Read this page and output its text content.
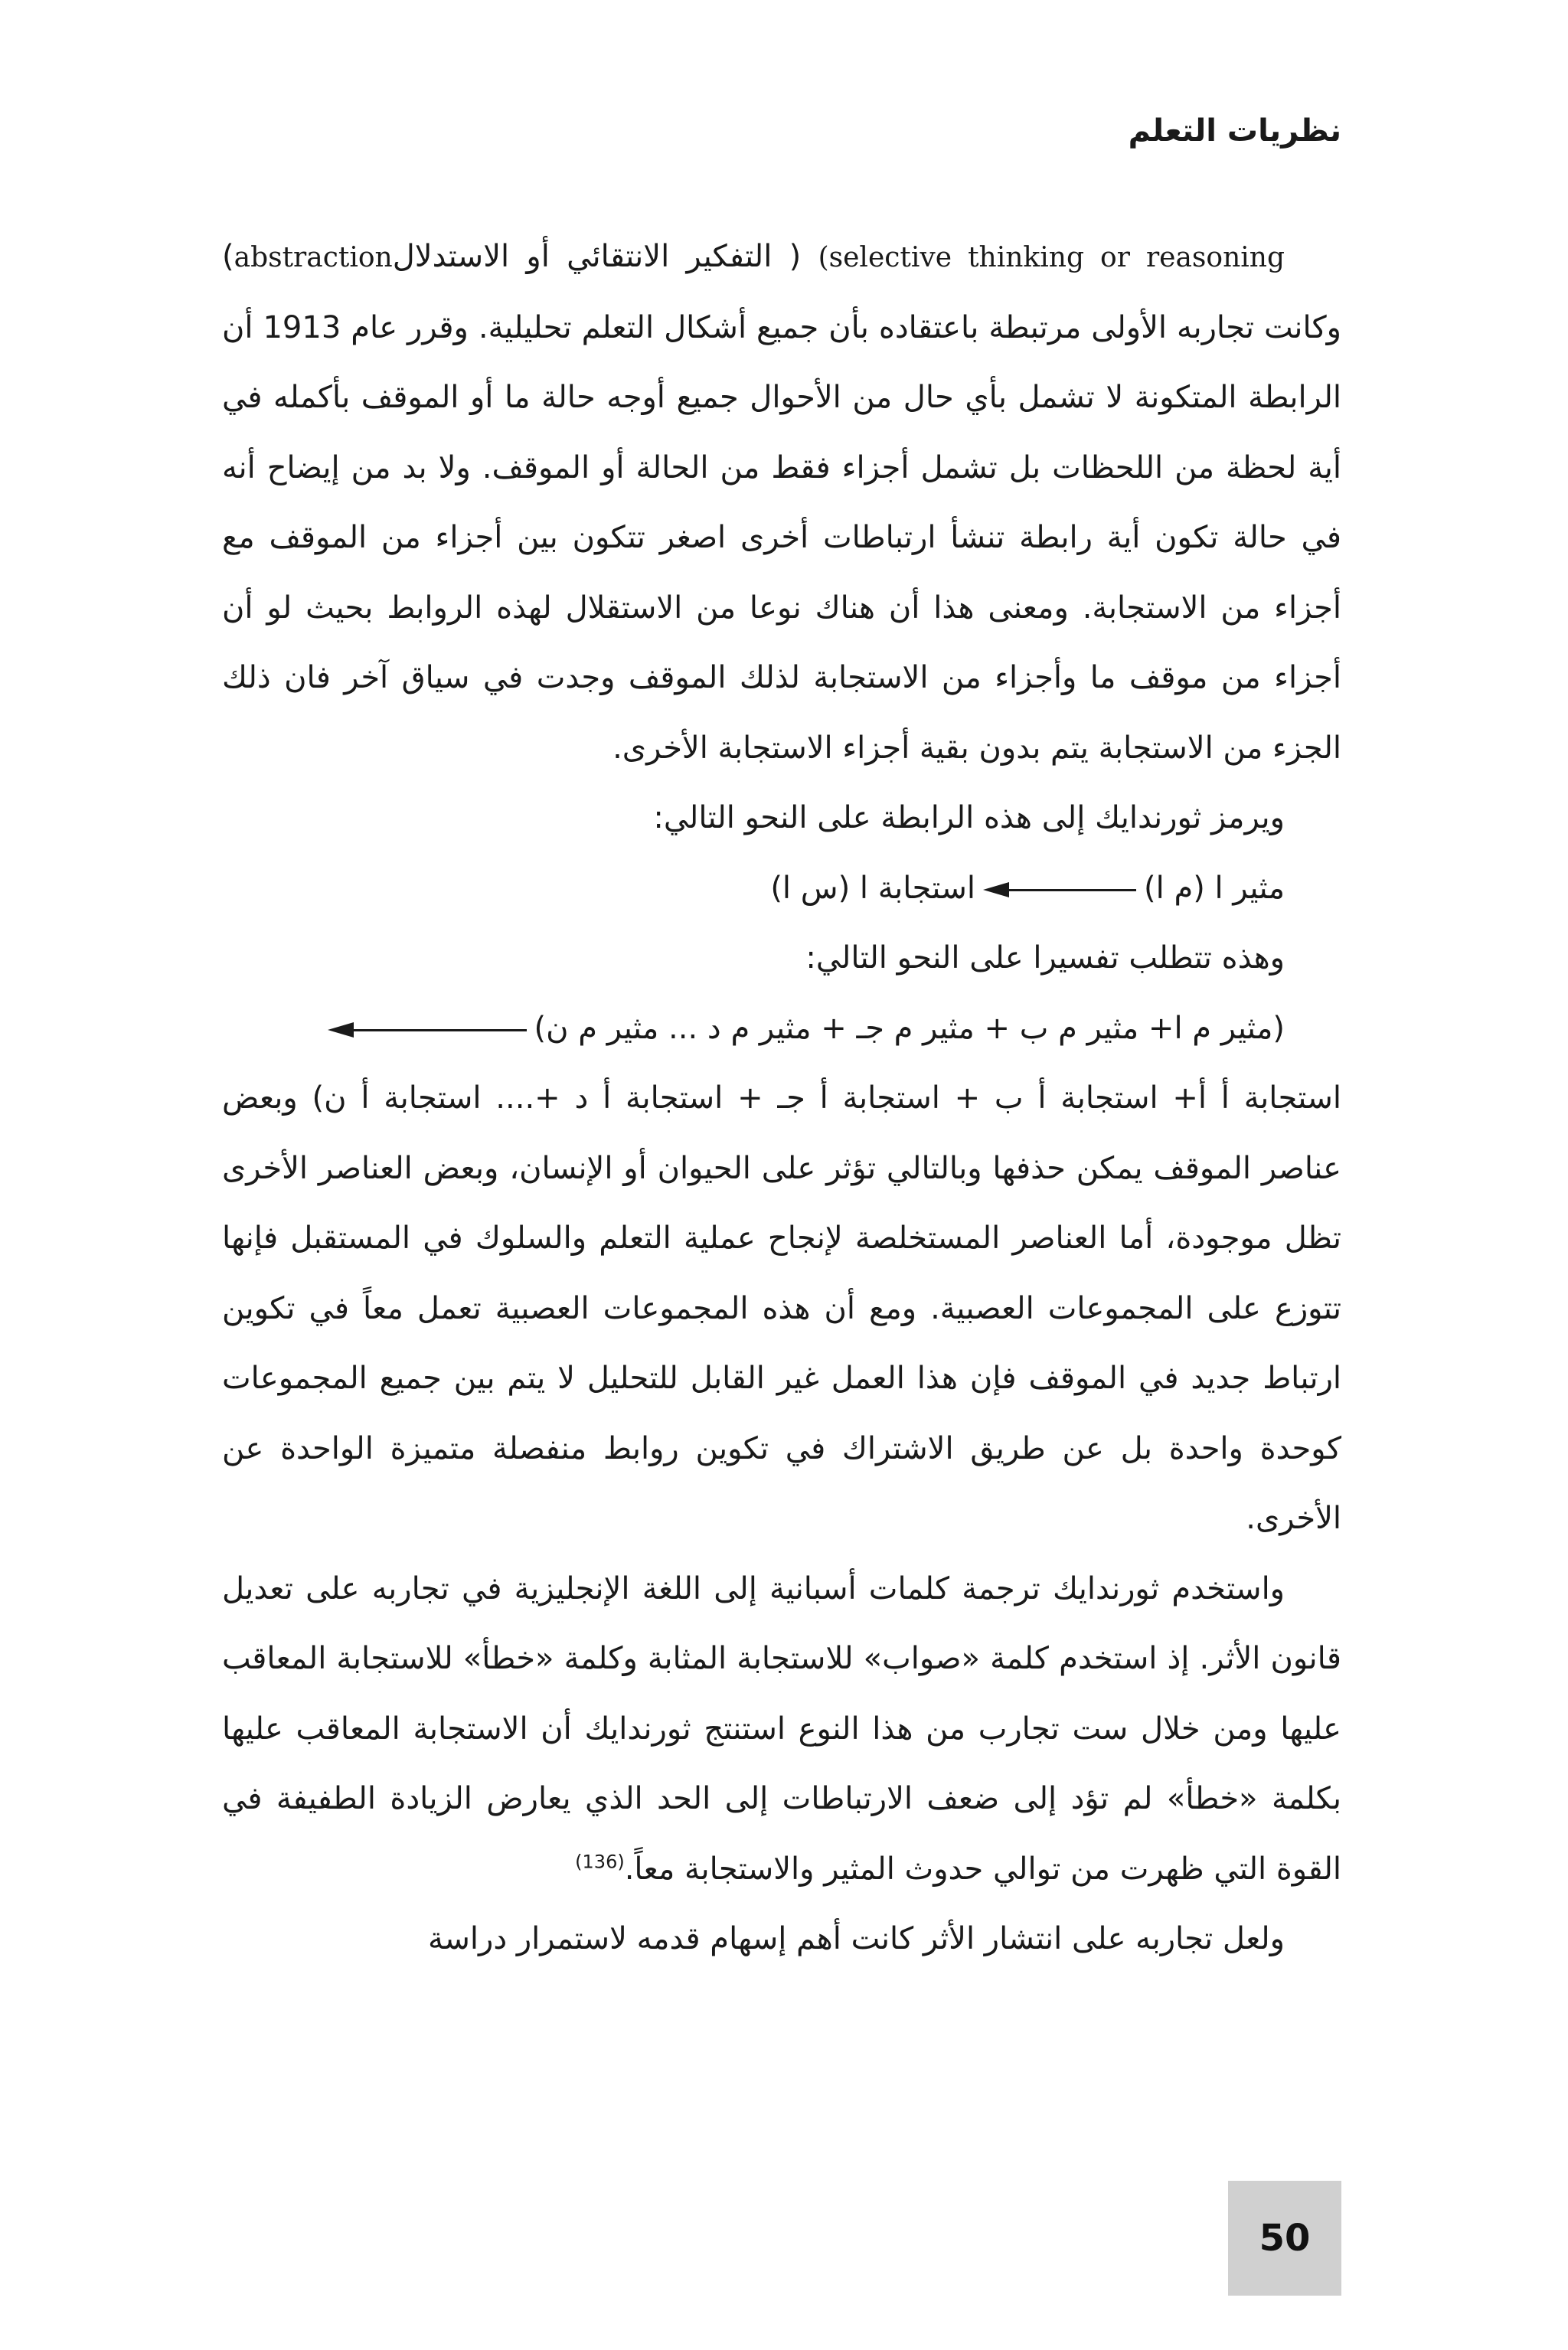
نظريات التعلم

(selective thinking or reasoning ( التفكير الانتقائي أو الاستدلالabstraction) وكانت تجاربه الأولى مرتبطة باعتقاده بأن جميع أشكال التعلم تحليلية. وقرر عام 1913 أن الرابطة المتكونة لا تشمل بأي حال من الأحوال جميع أوجه حالة ما أو الموقف بأكمله في أية لحظة من اللحظات بل تشمل أجزاء فقط من الحالة أو الموقف. ولا بد من إيضاح أنه في حالة تكون أية رابطة تنشأ ارتباطات أخرى اصغر تتكون بين أجزاء من الموقف مع أجزاء من الاستجابة. ومعنى هذا أن هناك نوعا من الاستقلال لهذه الروابط بحيث لو أن أجزاء من موقف ما وأجزاء من الاستجابة لذلك الموقف وجدت في سياق آخر فان ذلك الجزء من الاستجابة يتم بدون بقية أجزاء الاستجابة الأخرى.

ويرمز ثورندايك إلى هذه الرابطة على النحو التالي:

مثير ا (م ا)
استجابة ا (س ا)

وهذه تتطلب تفسيرا على النحو التالي:

(مثير م ا+ مثير م ب + مثير م جـ + مثير م د ... مثير م ن)

استجابة أ أ+ استجابة أ ب + استجابة أ جـ + استجابة أ د +.... استجابة أ ن) وبعض عناصر الموقف يمكن حذفها وبالتالي تؤثر على الحيوان أو الإنسان، وبعض العناصر الأخرى تظل موجودة، أما العناصر المستخلصة لإنجاح عملية التعلم والسلوك في المستقبل فإنها تتوزع على المجموعات العصبية. ومع أن هذه المجموعات العصبية تعمل معاً في تكوين ارتباط جديد في الموقف فإن هذا العمل غير القابل للتحليل لا يتم بين جميع المجموعات كوحدة واحدة بل عن طريق الاشتراك في تكوين روابط منفصلة متميزة الواحدة عن الأخرى.

واستخدم ثورندايك ترجمة كلمات أسبانية إلى اللغة الإنجليزية في تجاربه على تعديل قانون الأثر. إذ استخدم كلمة «صواب» للاستجابة المثابة وكلمة «خطأ» للاستجابة المعاقب عليها ومن خلال ست تجارب من هذا النوع استنتج ثورندايك أن الاستجابة المعاقب عليها بكلمة «خطأ» لم تؤد إلى ضعف الارتباطات إلى الحد الذي يعارض الزيادة الطفيفة في القوة التي ظهرت من توالي حدوث المثير والاستجابة معاً.$^{(136)}$

ولعل تجاربه على انتشار الأثر كانت أهم إسهام قدمه لاستمرار دراسة

50
